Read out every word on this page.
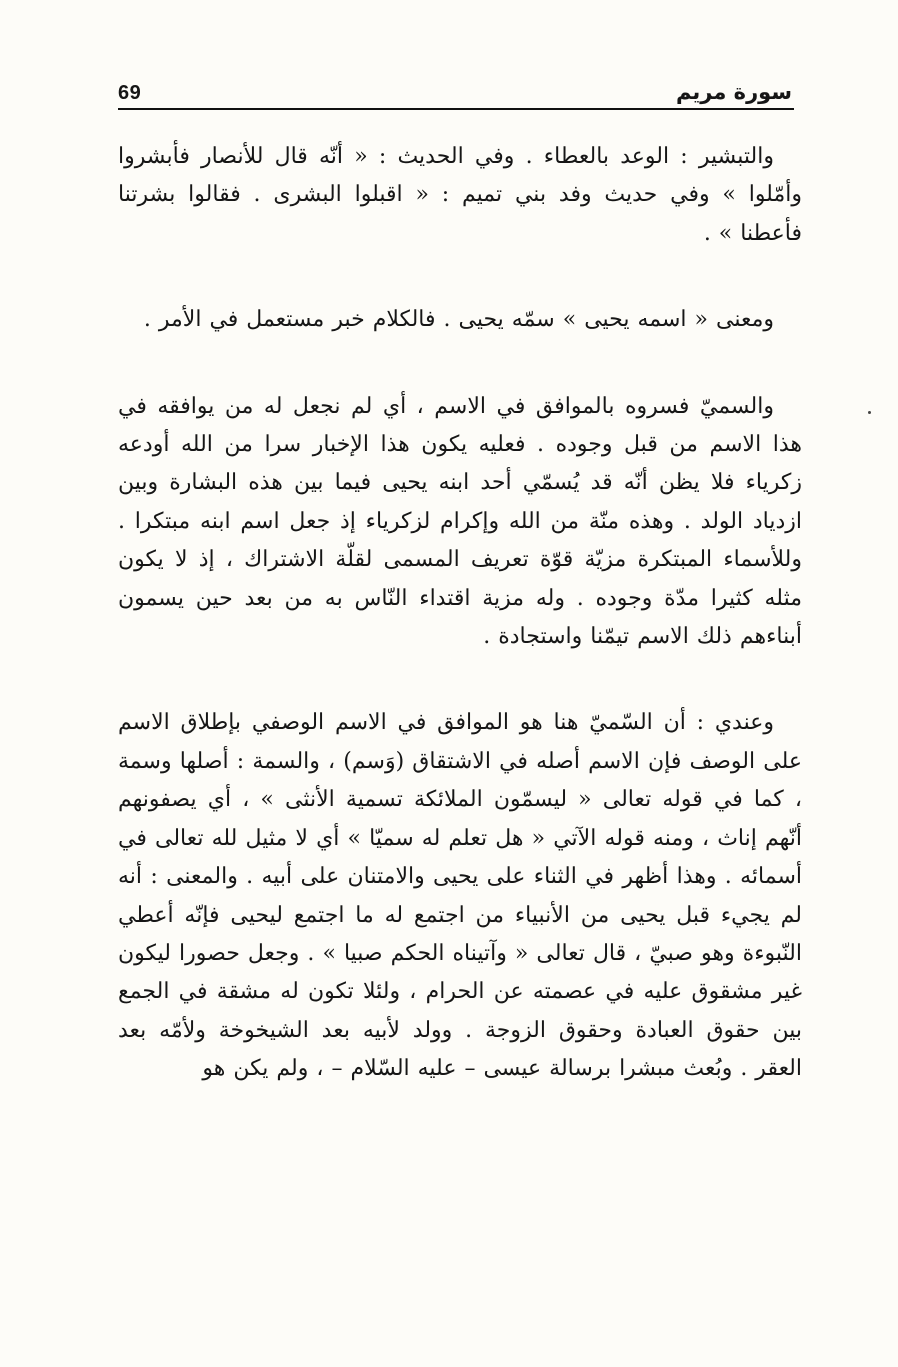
69	سورة مريم

والتبشير : الوعد بالعطاء . وفي الحديث : « أنّه قال للأنصار فأبشروا وأمّلوا » وفي حديث وفد بني تميم : « اقبلوا البشرى . فقالوا بشرتنا فأعطنا » .

ومعنى « اسمه يحيى » سمّه يحيى . فالكلام خبر مستعمل في الأمر .

والسميّ فسروه بالموافق في الاسم ، أي لم نجعل له من يوافقه في هذا الاسم من قبل وجوده . فعليه يكون هذا الإخبار سرا من الله أودعه زكرياء فلا يظن أنّه قد يُسمّي أحد ابنه يحيى فيما بين هذه البشارة وبين ازدياد الولد . وهذه منّة من الله وإكرام لزكرياء إذ جعل اسم ابنه مبتكرا . وللأسماء المبتكرة مزيّة قوّة تعريف المسمى لقلّة الاشتراك ، إذ لا يكون مثله كثيرا مدّة وجوده . وله مزية اقتداء النّاس به من بعد حين يسمون أبناءهم ذلك الاسم تيمّنا واستجادة .

وعندي : أن السّميّ هنا هو الموافق في الاسم الوصفي بإطلاق الاسم على الوصف فإن الاسم أصله في الاشتقاق (وَسم) ، والسمة : أصلها وسمة ، كما في قوله تعالى « ليسمّون الملائكة تسمية الأنثى » ، أي يصفونهم أنّهم إناث ، ومنه قوله الآتي « هل تعلم له سميّا » أي لا مثيل لله تعالى في أسمائه . وهذا أظهر في الثناء على يحيى والامتنان على أبيه . والمعنى : أنه لم يجيء قبل يحيى من الأنبياء من اجتمع له ما اجتمع ليحيى فإنّه أعطي النّبوءة وهو صبيّ ، قال تعالى « وآتيناه الحكم صبيا » . وجعل حصورا ليكون غير مشقوق عليه في عصمته عن الحرام ، ولئلا تكون له مشقة في الجمع بين حقوق العبادة وحقوق الزوجة . وولد لأبيه بعد الشيخوخة ولأمّه بعد العقر . وبُعث مبشرا برسالة عيسى – عليه السّلام – ، ولم يكن هو
